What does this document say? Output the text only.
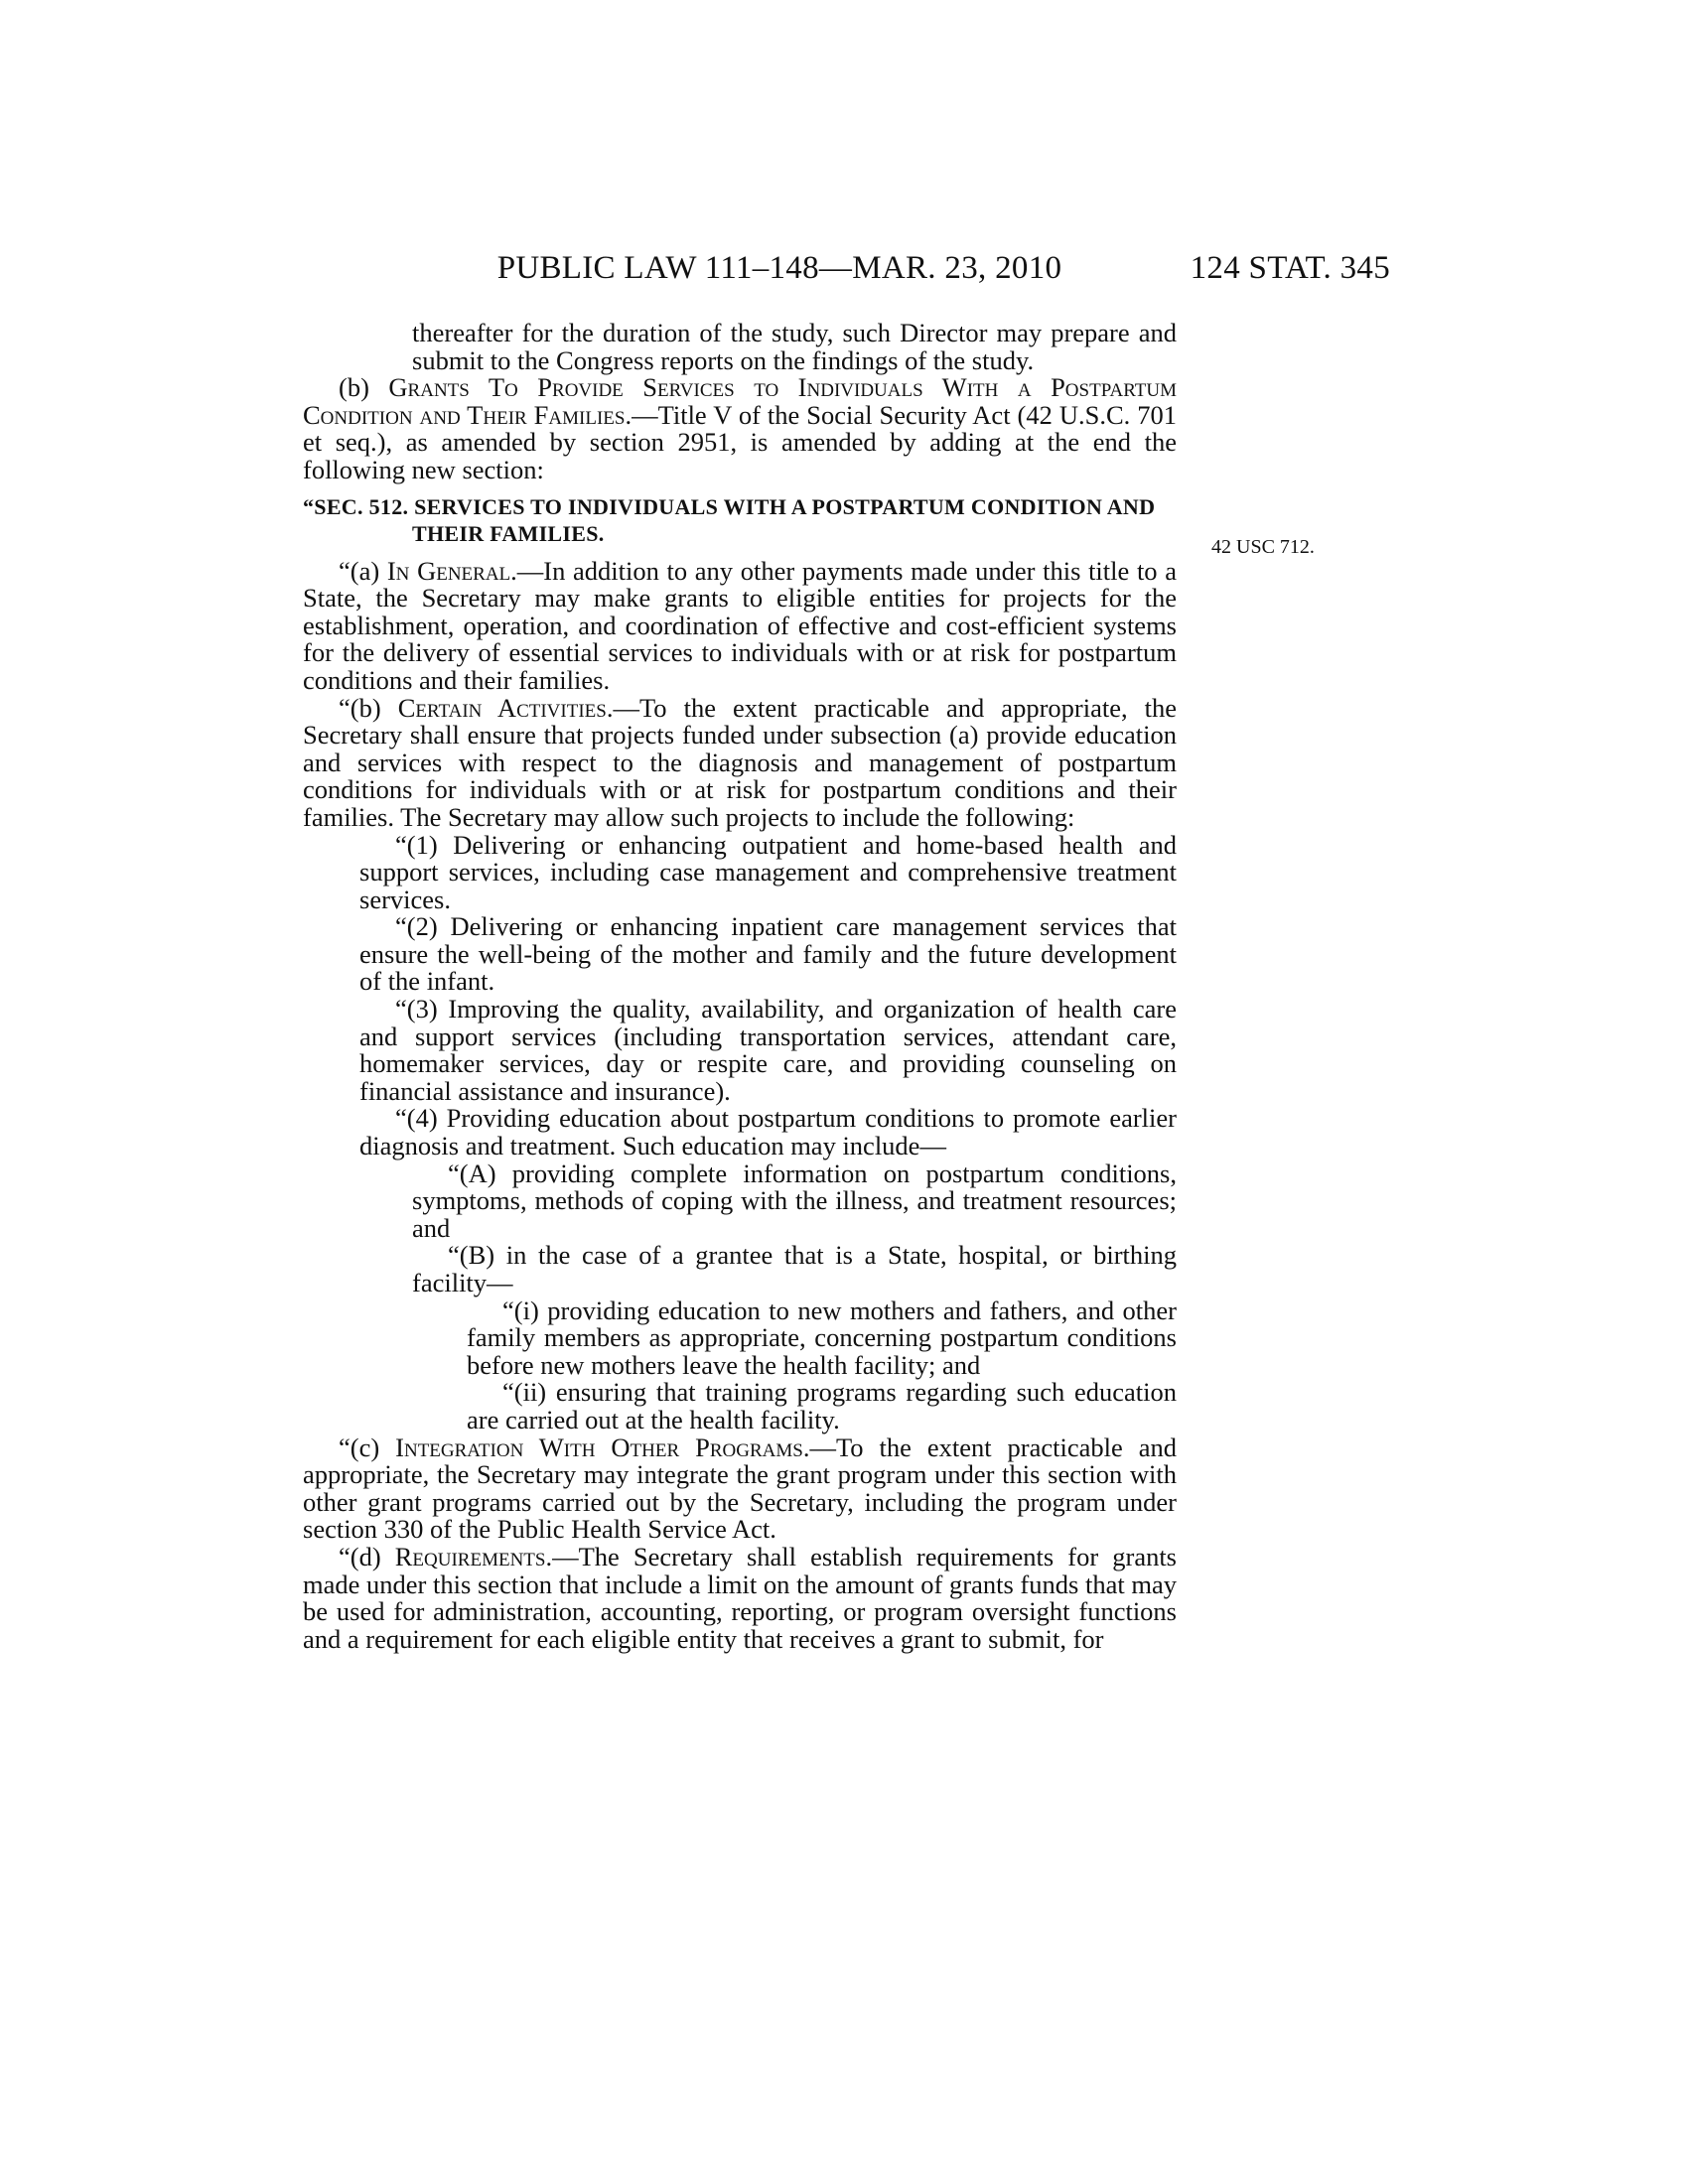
PUBLIC LAW 111–148—MAR. 23, 2010	124 STAT. 345
42 USC 712.

thereafter for the duration of the study, such Director may prepare and submit to the Congress reports on the findings of the study.

(b) Grants To Provide Services to Individuals With a Postpartum Condition and Their Families.—Title V of the Social Security Act (42 U.S.C. 701 et seq.), as amended by section 2951, is amended by adding at the end the following new section:

“SEC. 512. SERVICES TO INDIVIDUALS WITH A POSTPARTUM CONDITION AND THEIR FAMILIES.

“(a) In General.—In addition to any other payments made under this title to a State, the Secretary may make grants to eligible entities for projects for the establishment, operation, and coordination of effective and cost-efficient systems for the delivery of essential services to individuals with or at risk for postpartum conditions and their families.

“(b) Certain Activities.—To the extent practicable and appropriate, the Secretary shall ensure that projects funded under subsection (a) provide education and services with respect to the diagnosis and management of postpartum conditions for individuals with or at risk for postpartum conditions and their families. The Secretary may allow such projects to include the following:

“(1) Delivering or enhancing outpatient and home-based health and support services, including case management and comprehensive treatment services.

“(2) Delivering or enhancing inpatient care management services that ensure the well-being of the mother and family and the future development of the infant.

“(3) Improving the quality, availability, and organization of health care and support services (including transportation services, attendant care, homemaker services, day or respite care, and providing counseling on financial assistance and insurance).

“(4) Providing education about postpartum conditions to promote earlier diagnosis and treatment. Such education may include—

“(A) providing complete information on postpartum conditions, symptoms, methods of coping with the illness, and treatment resources; and

“(B) in the case of a grantee that is a State, hospital, or birthing facility—

“(i) providing education to new mothers and fathers, and other family members as appropriate, concerning postpartum conditions before new mothers leave the health facility; and

“(ii) ensuring that training programs regarding such education are carried out at the health facility.

“(c) Integration With Other Programs.—To the extent practicable and appropriate, the Secretary may integrate the grant program under this section with other grant programs carried out by the Secretary, including the program under section 330 of the Public Health Service Act.

“(d) Requirements.—The Secretary shall establish requirements for grants made under this section that include a limit on the amount of grants funds that may be used for administration, accounting, reporting, or program oversight functions and a requirement for each eligible entity that receives a grant to submit, for
